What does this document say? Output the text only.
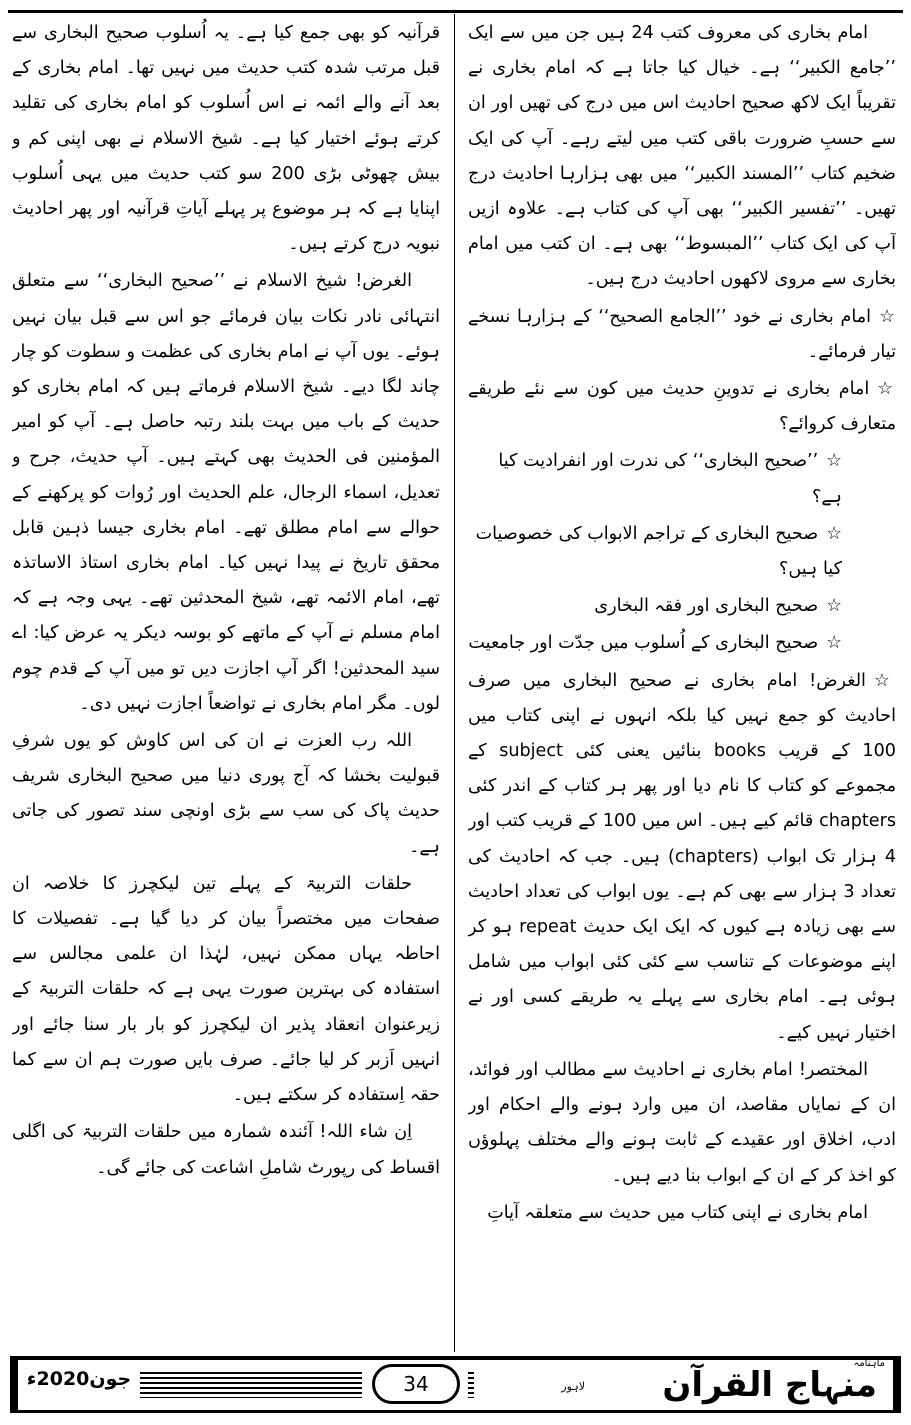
امام بخاری کی معروف کتب 24 ہیں جن میں سے ایک ’’جامع الکبیر‘‘ ہے۔ خیال کیا جاتا ہے کہ امام بخاری نے تقریباً ایک لاکھ صحیح احادیث اس میں درج کی تھیں اور ان سے حسبِ ضرورت باقی کتب میں لیتے رہے۔ آپ کی ایک ضخیم کتاب ’’المسند الکبیر‘‘ میں بھی ہزارہا احادیث درج تھیں۔ ’’تفسیر الکبیر‘‘ بھی آپ کی کتاب ہے۔ علاوہ ازیں آپ کی ایک کتاب ’’المبسوط‘‘ بھی ہے۔ ان کتب میں امام بخاری سے مروی لاکھوں احادیث درج ہیں۔

☆ امام بخاری نے خود ’’الجامع الصحیح‘‘ کے ہزارہا نسخے تیار فرمائے۔

☆ امام بخاری نے تدوینِ حدیث میں کون سے نئے طریقے متعارف کروائے؟

☆ ’’صحیح البخاری‘‘ کی ندرت اور انفرادیت کیا ہے؟

☆ صحیح البخاری کے تراجم الابواب کی خصوصیات کیا ہیں؟

☆ صحیح البخاری اور فقہ البخاری

☆ صحیح البخاری کے اُسلوب میں جدّت اور جامعیت

☆ الغرض! امام بخاری نے صحیح البخاری میں صرف احادیث کو جمع نہیں کیا بلکہ انہوں نے اپنی کتاب میں 100 کے قریب books بنائیں یعنی کئی subject کے مجموعے کو کتاب کا نام دیا اور پھر ہر کتاب کے اندر کئی chapters قائم کیے ہیں۔ اس میں 100 کے قریب کتب اور 4 ہزار تک ابواب (chapters) ہیں۔ جب کہ احادیث کی تعداد 3 ہزار سے بھی کم ہے۔ یوں ابواب کی تعداد احادیث سے بھی زیادہ ہے کیوں کہ ایک ایک حدیث repeat ہو کر اپنے موضوعات کے تناسب سے کئی کئی ابواب میں شامل ہوئی ہے۔ امام بخاری سے پہلے یہ طریقے کسی اور نے اختیار نہیں کیے۔

المختصر! امام بخاری نے احادیث سے مطالب اور فوائد، ان کے نمایاں مقاصد، ان میں وارد ہونے والے احکام اور ادب، اخلاق اور عقیدے کے ثابت ہونے والے مختلف پہلوؤں کو اخذ کر کے ان کے ابواب بنا دیے ہیں۔

امام بخاری نے اپنی کتاب میں حدیث سے متعلقہ آیاتِ

قرآنیہ کو بھی جمع کیا ہے۔ یہ اُسلوب صحیح البخاری سے قبل مرتب شدہ کتب حدیث میں نہیں تھا۔ امام بخاری کے بعد آنے والے ائمہ نے اس اُسلوب کو امام بخاری کی تقلید کرتے ہوئے اختیار کیا ہے۔ شیخ الاسلام نے بھی اپنی کم و بیش چھوٹی بڑی 200 سو کتب حدیث میں یہی اُسلوب اپنایا ہے کہ ہر موضوع پر پہلے آیاتِ قرآنیہ اور پھر احادیث نبویہ درج کرتے ہیں۔

الغرض! شیخ الاسلام نے ’’صحیح البخاری‘‘ سے متعلق انتہائی نادر نکات بیان فرمائے جو اس سے قبل بیان نہیں ہوئے۔ یوں آپ نے امام بخاری کی عظمت و سطوت کو چار چاند لگا دیے۔ شیخ الاسلام فرماتے ہیں کہ امام بخاری کو حدیث کے باب میں بہت بلند رتبہ حاصل ہے۔ آپ کو امیر المؤمنین فی الحدیث بھی کہتے ہیں۔ آپ حدیث، جرح و تعدیل، اسماء الرجال، علم الحدیث اور رُوات کو پرکھنے کے حوالے سے امام مطلق تھے۔ امام بخاری جیسا ذہین قابل محقق تاریخ نے پیدا نہیں کیا۔ امام بخاری استاذ الاساتذہ تھے، امام الائمہ تھے، شیخ المحدثین تھے۔ یہی وجہ ہے کہ امام مسلم نے آپ کے ماتھے کو بوسہ دیکر یہ عرض کیا: اے سید المحدثین! اگر آپ اجازت دیں تو میں آپ کے قدم چوم لوں۔ مگر امام بخاری نے تواضعاً اجازت نہیں دی۔

اللہ رب العزت نے ان کی اس کاوش کو یوں شرفِ قبولیت بخشا کہ آج پوری دنیا میں صحیح البخاری شریف حدیث پاک کی سب سے بڑی اونچی سند تصور کی جاتی ہے۔

حلقات التربیۃ کے پہلے تین لیکچرز کا خلاصہ ان صفحات میں مختصراً بیان کر دیا گیا ہے۔ تفصیلات کا احاطہ یہاں ممکن نہیں، لہٰذا ان علمی مجالس سے استفادہ کی بہترین صورت یہی ہے کہ حلقات التربیۃ کے زیرعنوان انعقاد پذیر ان لیکچرز کو بار بار سنا جائے اور انہیں اَزبر کر لیا جائے۔ صرف بایں صورت ہم ان سے کما حقہ اِستفادہ کر سکتے ہیں۔

اِن شاء اللہ! آئندہ شمارہ میں حلقات التربیۃ کی اگلی اقساط کی رپورٹ شاملِ اشاعت کی جائے گی۔

جون2020ء	34
ماہنامہ
منہاج القرآن
لاہور
